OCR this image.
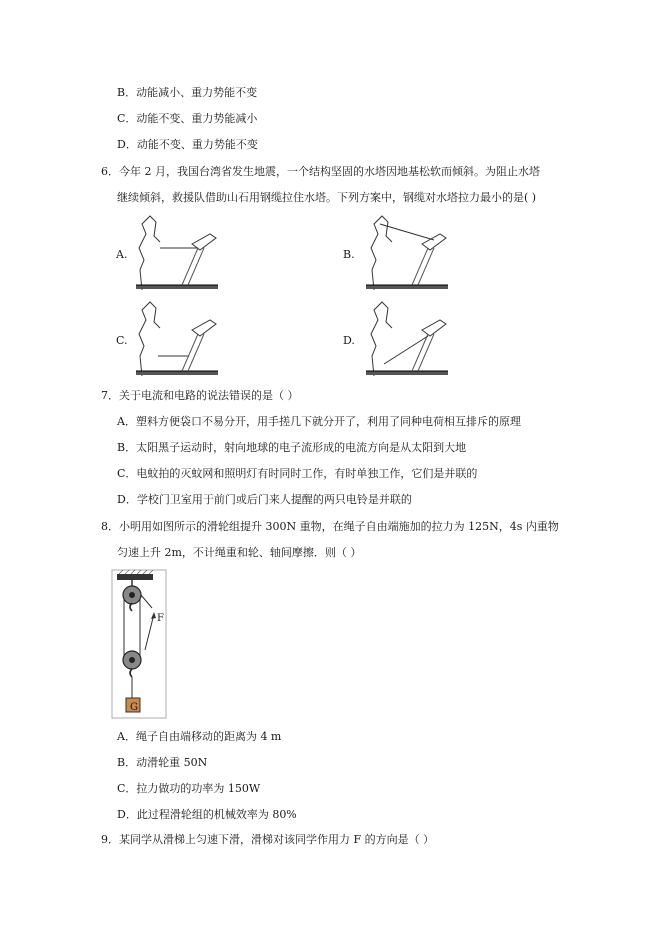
B．动能减小、重力势能不变
C．动能不变、重力势能减小
D．动能不变、重力势能不变
6．今年 2 月，我国台湾省发生地震，一个结构坚固的水塔因地基松软而倾斜。为阻止水塔
继续倾斜，救援队借助山石用钢缆拉住水塔。下列方案中，钢缆对水塔拉力最小的是( )
A.	B.
C.	D.
7．关于电流和电路的说法错误的是（ ）
A．塑料方便袋口不易分开，用手搓几下就分开了，利用了同种电荷相互排斥的原理
B．太阳黑子运动时，射向地球的电子流形成的电流方向是从太阳到大地
C．电蚊拍的灭蚊网和照明灯有时同时工作，有时单独工作，它们是并联的
D．学校门卫室用于前门或后门来人提醒的两只电铃是并联的
8．小明用如图所示的滑轮组提升 300N 重物，在绳子自由端施加的拉力为 125N，4s 内重物
匀速上升 2m，不计绳重和轮、轴间摩擦．则（ ）
F
G
A．绳子自由端移动的距离为 4 m
B．动滑轮重 50N
C．拉力做功的功率为 150W
D．此过程滑轮组的机械效率为 80%
9．某同学从滑梯上匀速下滑，滑梯对该同学作用力 F 的方向是（ ）
